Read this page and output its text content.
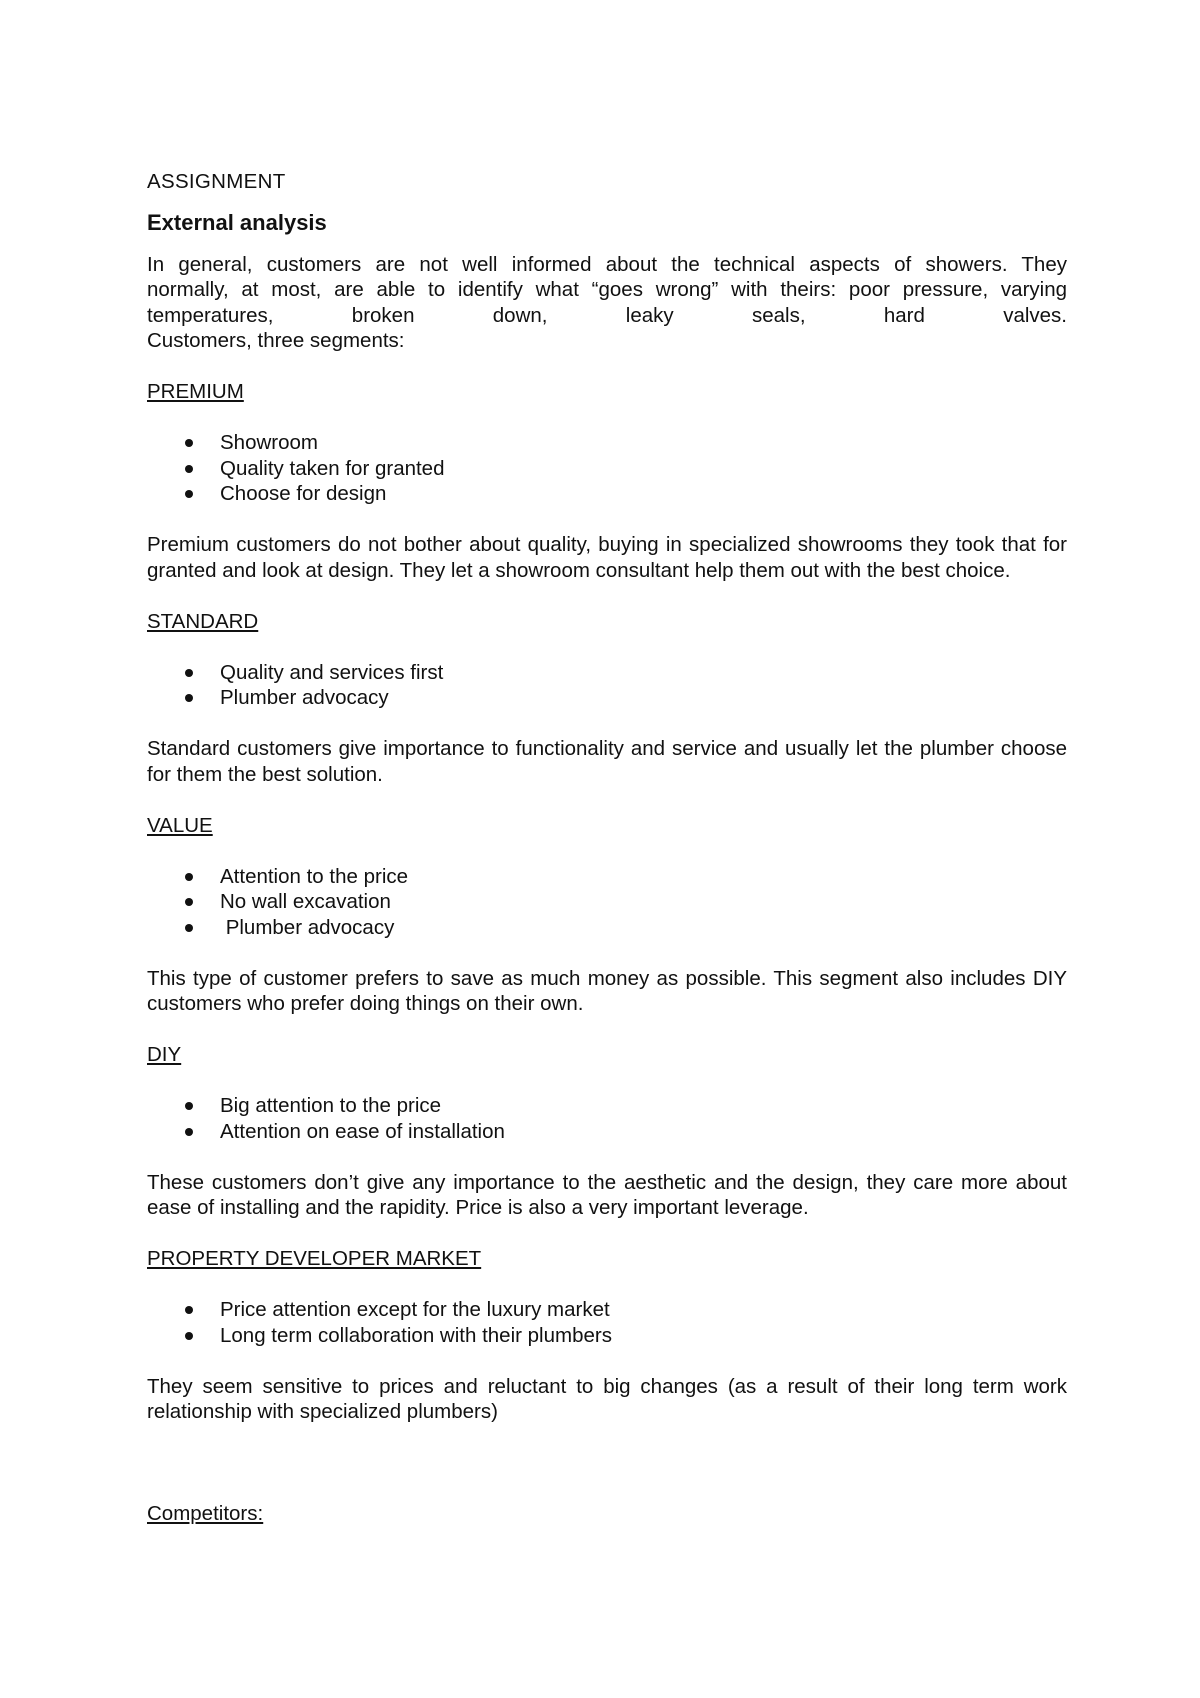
ASSIGNMENT
External analysis

In general, customers are not well informed about the technical aspects of showers. They
normally, at most, are able to identify what “goes wrong” with theirs: poor pressure, varying
temperatures, broken down, leaky seals, hard valves.
Customers, three segments:

PREMIUM
Showroom
Quality taken for granted
Choose for design

Premium customers do not bother about quality, buying in specialized showrooms they took that for granted and look at design. They let a showroom consultant help them out with the best choice.

STANDARD
Quality and services first
Plumber advocacy

Standard customers give importance to functionality and service and usually let the plumber choose for them the best solution.

VALUE
Attention to the price
No wall excavation
Plumber advocacy

This type of customer prefers to save as much money as possible. This segment also includes DIY customers who prefer doing things on their own.

DIY
Big attention to the price
Attention on ease of installation

These customers don’t give any importance to the aesthetic and the design, they care more about ease of installing and the rapidity. Price is also a very important leverage.

PROPERTY DEVELOPER MARKET
Price attention except for the luxury market
Long term collaboration with their plumbers

They seem sensitive to prices and reluctant to big changes (as a result of their long term work relationship with specialized plumbers)

Competitors:
